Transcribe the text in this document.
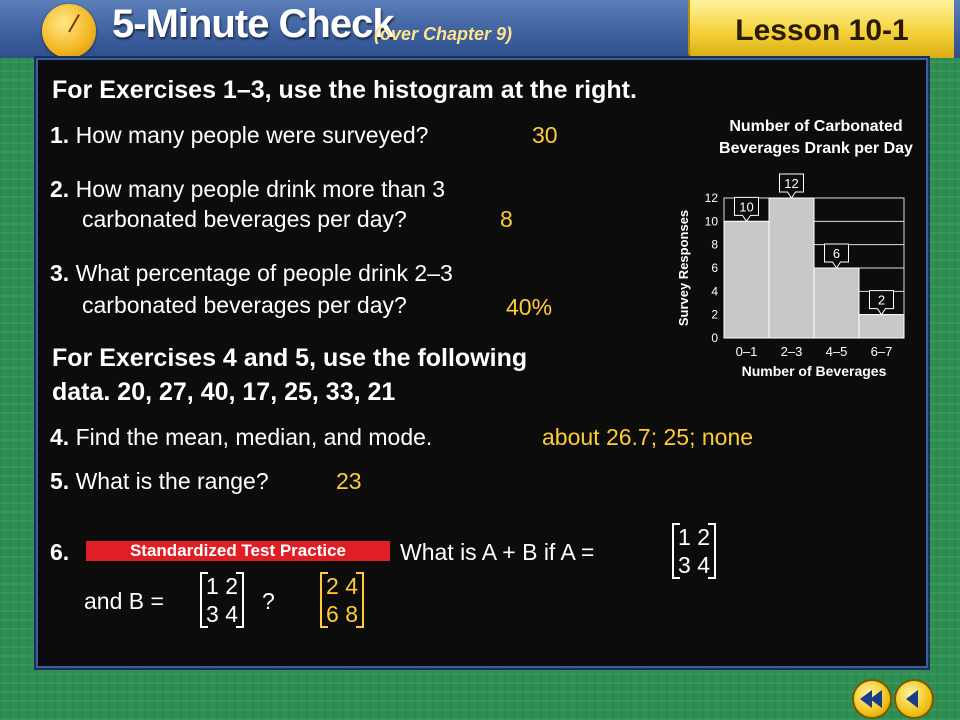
5-Minute Check
(over Chapter 9)	Lesson 10-1
For Exercises 1–3, use the histogram at the right.
1. How many people were surveyed?	30
2. How many people drink more than 3
carbonated beverages per day?	8
3. What percentage of people drink 2–3
carbonated beverages per day?	40%
For Exercises 4 and 5, use the following
data. 20, 27, 40, 17, 25, 33, 21
4. Find the mean, median, and mode.	about 26.7; 25; none
5. What is the range?	23
6.	Standardized Test Practice	What is A + B if A =
1 2
3 4
and B =
1 2
3 4 ?
2 4
6 8
Number of Carbonated Beverages Drank per Day
0
2
4
6
8
10
12
10
0–1
12
2–3
6
4–5
2
6–7
Number of Beverages
Survey Responses
